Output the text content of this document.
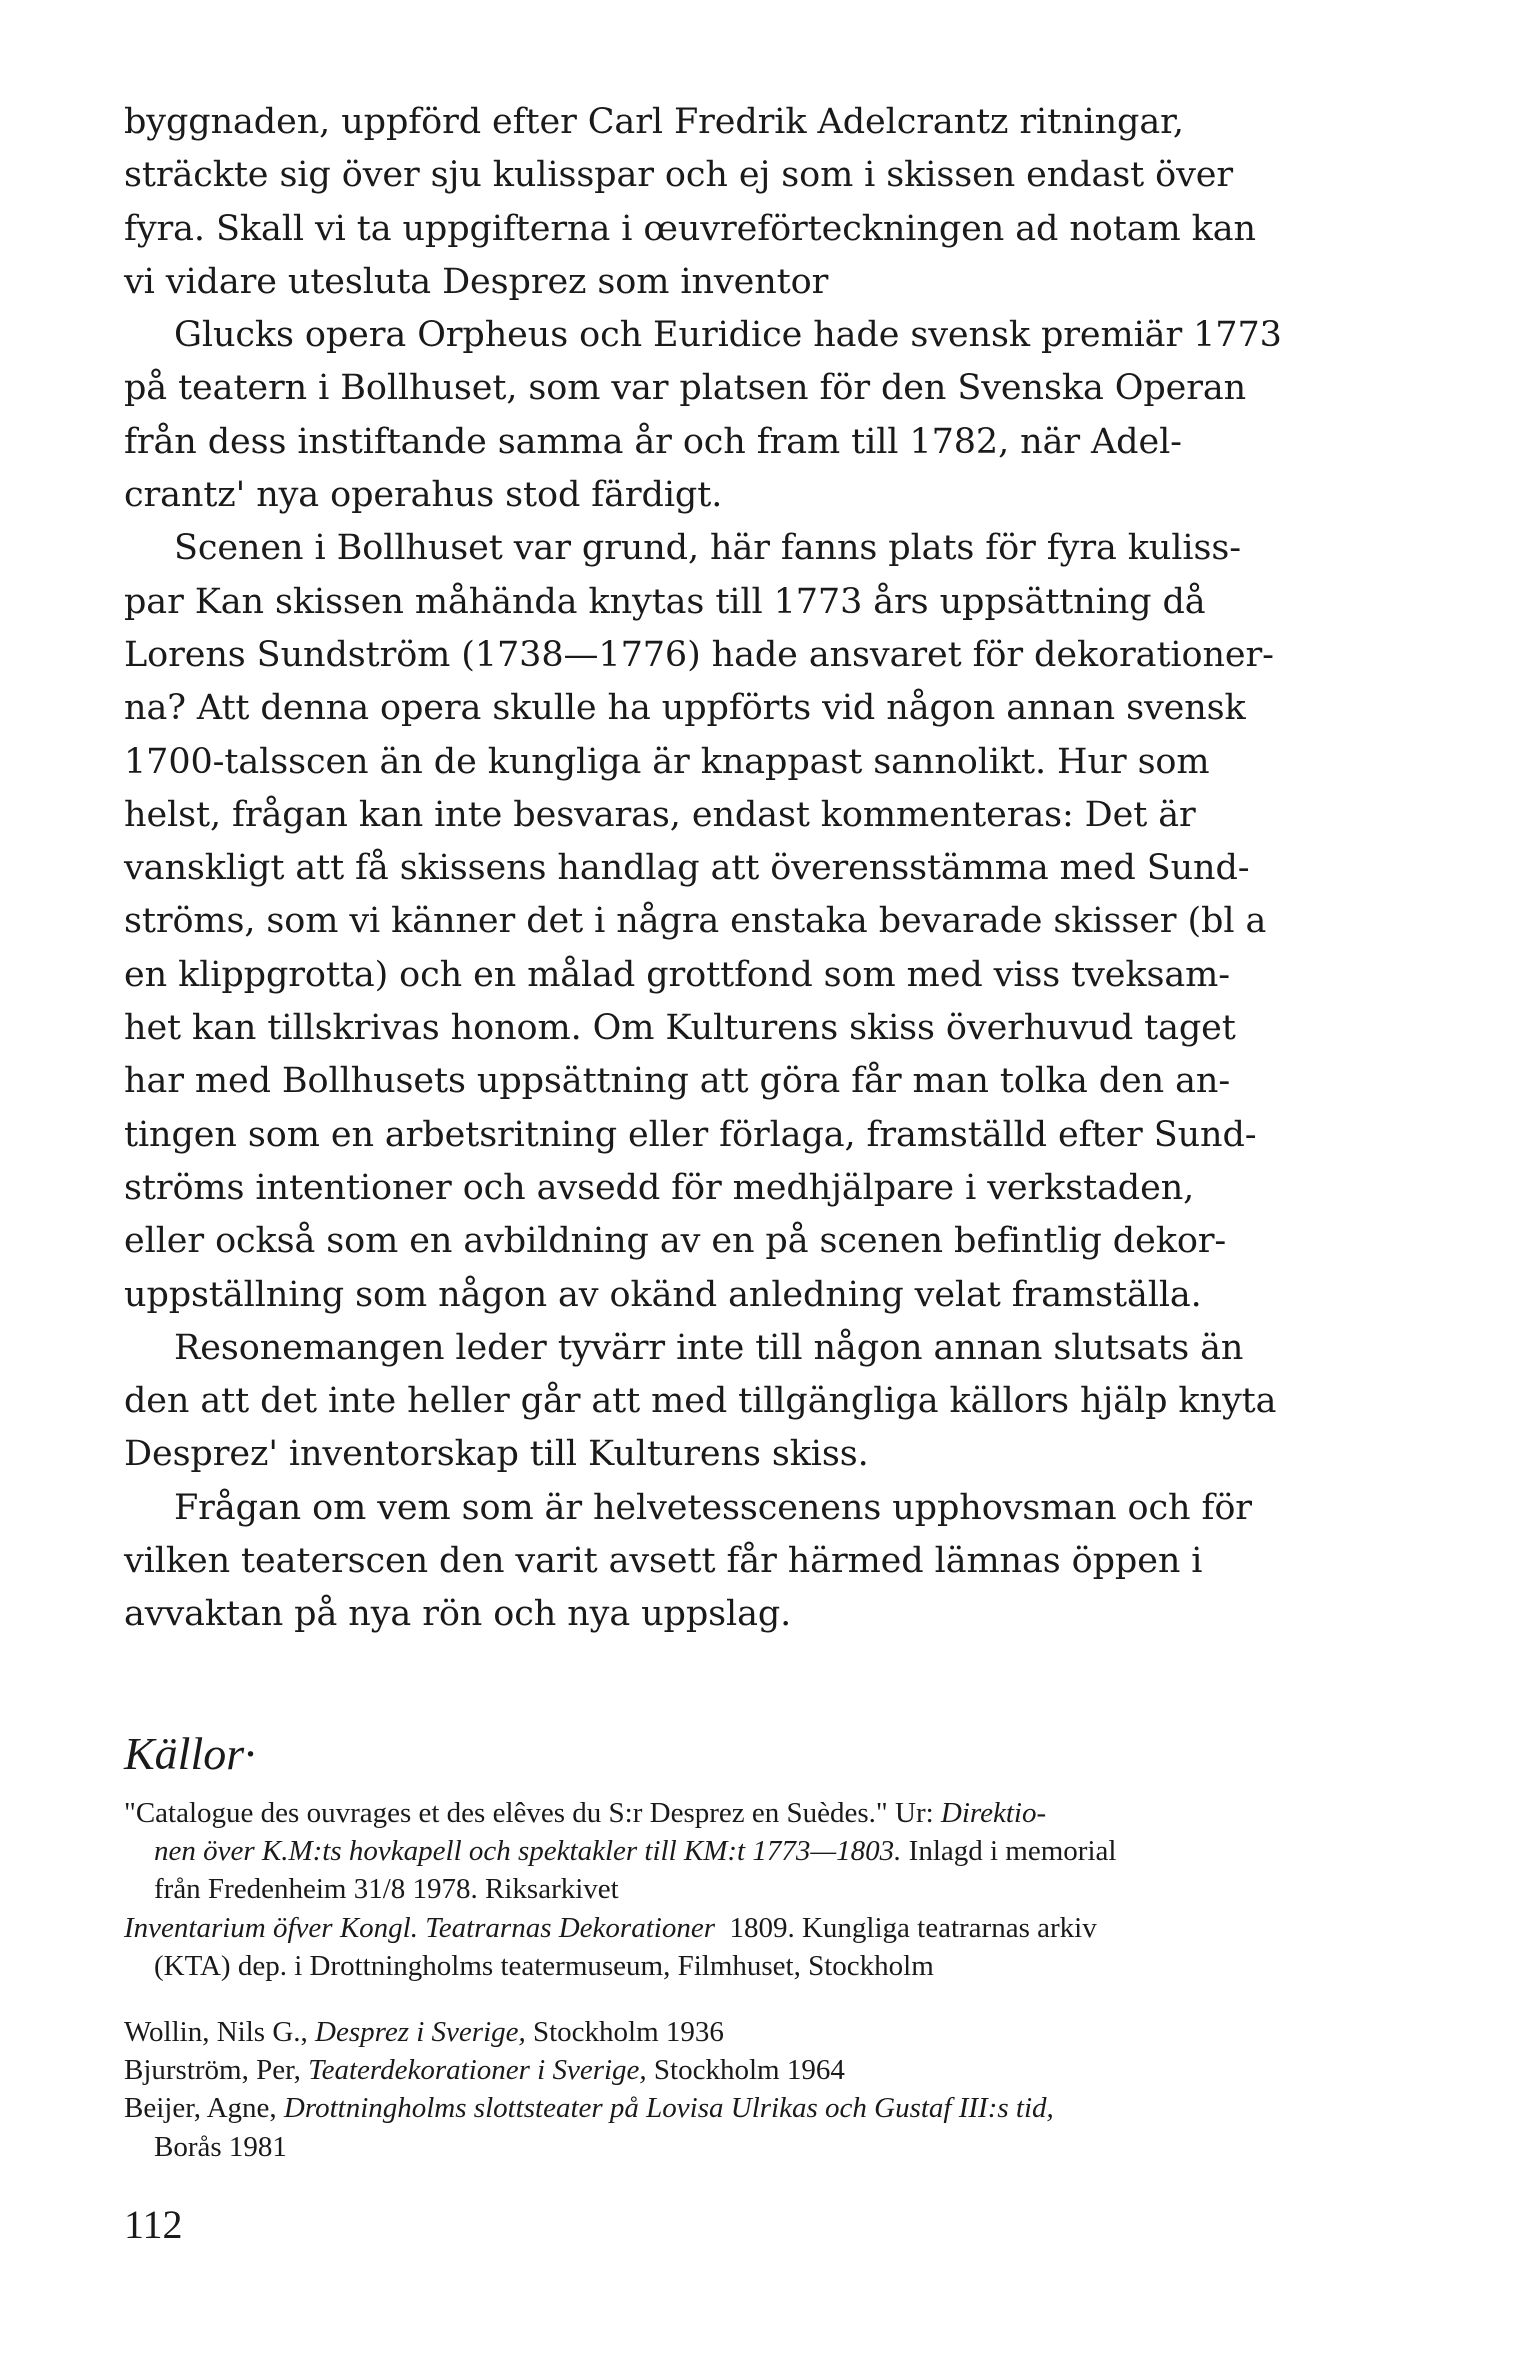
byggnaden, uppförd efter Carl Fredrik Adelcrantz ritningar,
sträckte sig över sju kulisspar och ej som i skissen endast över
fyra. Skall vi ta uppgifterna i œuvreförteckningen ad notam kan
vi vidare utesluta Desprez som inventor

Glucks opera Orpheus och Euridice hade svensk premiär 1773
på teatern i Bollhuset, som var platsen för den Svenska Operan
från dess instiftande samma år och fram till 1782, när Adel-
crantz' nya operahus stod färdigt.

Scenen i Bollhuset var grund, här fanns plats för fyra kuliss-
par Kan skissen måhända knytas till 1773 års uppsättning då
Lorens Sundström (1738—1776) hade ansvaret för dekorationer-
na? Att denna opera skulle ha uppförts vid någon annan svensk
1700-talsscen än de kungliga är knappast sannolikt. Hur som
helst, frågan kan inte besvaras, endast kommenteras: Det är
vanskligt att få skissens handlag att överensstämma med Sund-
ströms, som vi känner det i några enstaka bevarade skisser (bl a
en klippgrotta) och en målad grottfond som med viss tveksam-
het kan tillskrivas honom. Om Kulturens skiss överhuvud taget
har med Bollhusets uppsättning att göra får man tolka den an-
tingen som en arbetsritning eller förlaga, framställd efter Sund-
ströms intentioner och avsedd för medhjälpare i verkstaden,
eller också som en avbildning av en på scenen befintlig dekor-
uppställning som någon av okänd anledning velat framställa.

Resonemangen leder tyvärr inte till någon annan slutsats än
den att det inte heller går att med tillgängliga källors hjälp knyta
Desprez' inventorskap till Kulturens skiss.

Frågan om vem som är helvetesscenens upphovsman och för
vilken teaterscen den varit avsett får härmed lämnas öppen i
avvaktan på nya rön och nya uppslag.

Källor·
"Catalogue des ouvrages et des elêves du S:r Desprez en Suèdes." Ur: Direktio-
nen över K.M:ts hovkapell och spektakler till KM:t 1773—1803. Inlagd i memorial
från Fredenheim 31/8 1978. Riksarkivet
Inventarium öfver Kongl. Teatrarnas Dekorationer  1809. Kungliga teatrarnas arkiv
(KTA) dep. i Drottningholms teatermuseum, Filmhuset, Stockholm
Wollin, Nils G., Desprez i Sverige, Stockholm 1936
Bjurström, Per, Teaterdekorationer i Sverige, Stockholm 1964
Beijer, Agne, Drottningholms slottsteater på Lovisa Ulrikas och Gustaf III:s tid,
Borås 1981
112
